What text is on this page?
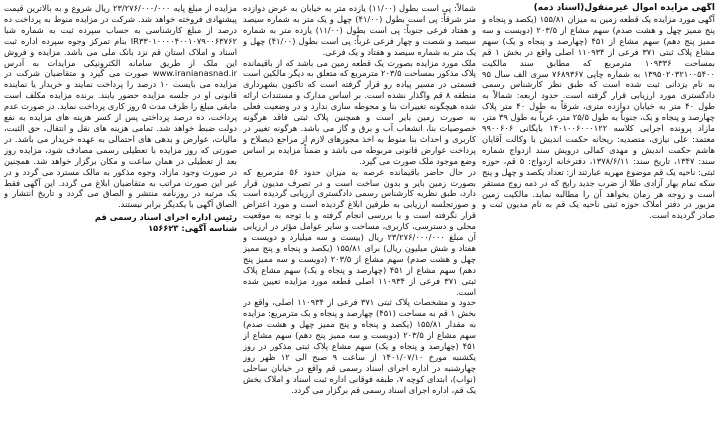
آگهی مزایده اموال غیرمنقول(اسناد ذمه)

آگهی مورد مزایده یک قطعه زمین به میزان ۱۵۵/۸۱ (یکصد و پنجاه و پنج ممیز چهل و هشت صدم) سهم مشاع از ۲۰۳/۵ (دویست و سه ممیز پنج دهم) سهم مشاع از ۴۵۱ (چهارصد و پنجاه و یک) سهم مشاع پلاک ثبتی ۳۷۱ فرعی از ۱۱۰۹۳۴ اصلی واقع در بخش ۱ قم بمساحت ۱۰۹۳۳۶ مترمربع که مطابق سند مالکیت ۱۳۹۵۰۲۰۳۲۱۰۰۵۴۰۰ به شماره چاپی ۷۶۸۹۳۶۷ سری الف سال ۹۵ به نام یزدانی ثبت شده است که طبق نظر کارشناس رسمی دادگستری مورد ارزیابی قرار گرفته است. حدود اربعه: شمالاً به طول ۴۰ متر به خیابان دوازده متری، شرقاً به طول ۴۰ متر پلاک چهارصد و پنجاه و یک، جنوباً به طول ۲۵/۵ متر، غرباً به طول ۳۹ متر، مازاد پرونده اجرایی کلاسه ۱۴۰۱۰۰۶۰۰۰۱۲۲ بایگانی ۹۹۰۰۶۰۶ معتمد: علی نیازی، متصدیه: ریحانه حکمت اندیش با وکالت آقایان هاشم حکمت اندیش و مهدی کمالی درویش سند ازدواج شماره سند: ۱۳۴۷، تاریخ سند: ۱۳۷۸/۶/۱۱، دفترخانه ازدواج: ۵ قم، حوزه ثبتی: ناحیه یک قم موضوع مهریه عبارتند از: تعداد یکصد و چهل و پنج سکه تمام بهار آزادی طلا از ضرب جدید رایج که در ذمه زوج مستقر است و زوجه هر زمان بخواهد آن را مطالبه نماید. مالکیت زمین مزبور در دفتر املاک حوزه ثبتی ناحیه یک قم به نام مدیون ثبت و صادر گردیده است.

شمالاً: پی است بطول (۱۱/۰۰) یازده متر به خیابان به عرض دوازده متر شرقاً: پی است بطول (۴۱/۰۰) چهل و یک متر به شماره سیصد و هفتاد فرعی جنوباً: پی است بطول (۱۱/۰۰) یازده متر به شماره سیصد و شصت و چهار فرعی غرباً: پی است بطول (۴۱/۰۰) چهل و یک متر به شماره سیصد و هفتاد و یک فرعی.

ملک مورد مزایده بصورت یک قطعه زمین می باشد که از باقیمانده پلاک مذکور بمساحت ۲۰۳/۵ مترمربع که متعلق به دیگر مالکین است قسمتی در مسیر پیاده رو قرار گرفته است که تاکنون بشهرداری منطقه ۸ قم واگذار نشده است. بر اساس مدارک و مستندات ارائه شده هیچگونه تغییرات بنا و محوطه سازی ندارد و در وضعیت فعلی به صورت زمین بایر است و همچنین پلاک ثبتی فاقد هرگونه خصوصیات بنا، انشعاب آب و برق و گاز می باشد. هرگونه تغییر در کاربری و احداث بنا منوط به اخذ مجوزهای لازم از مراجع ذیصلاح و پرداخت عوارض قانونی مربوطه می باشد و ضمناً مزایده بر اساس وضع موجود ملک صورت می گیرد.

در حال حاضر باقیمانده عرصه به میزان حدود ۵۶ مترمربع که بصورت زمین بایر و بدون ساخت است و در تصرف مدیون قرار دارد، طبق نظریه کارشناس رسمی دادگستری ارزیابی گردیده است و صورتجلسه ارزیابی به طرفین ابلاغ گردیده است و مورد اعتراض قرار نگرفته است و با بررسی انجام گرفته و با توجه به موقعیت محلی و دسترسی، کاربری، مساحت و سایر عوامل مؤثر در ارزیابی آن مبلغ ۲۳/۲۷۶/۰۰۰/۰۰۰ ریال (بیست و سه میلیارد و دویست و هفتاد و شش میلیون ریال) برای ۱۵۵/۸۱ (یکصد و پنجاه و پنج ممیز چهل و هشت صدم) سهم مشاع از ۲۰۳/۵ (دویست و سه ممیز پنج دهم) سهم مشاع از ۴۵۱ (چهارصد و پنجاه و یک) سهم مشاع پلاک ثبتی ۳۷۱ فرعی از ۱۱۰۹۳۴ اصلی قطعه مورد مزایده تعیین شده است.

حدود و مشخصات پلاک ثبتی ۳۷۱ فرعی از ۱۱۰۹۳۴ اصلی، واقع در بخش ۱ قم به مساحت (۴۵۱) چهارصد و پنجاه و یک مترمربع: مزایده به مقدار ۱۵۵/۸۱ (یکصد و پنجاه و پنج ممیز چهل و هشت صدم) سهم مشاع از ۲۰۳/۵ (دویست و سه ممیز پنج دهم) سهم مشاع از ۴۵۱ (چهارصد و پنجاه و یک) سهم مشاع پلاک ثبتی مذکور در روز یکشنبه مورخ ۱۴۰۱/۰۷/۱۰ از ساعت ۹ صبح الی ۱۲ ظهر روز چهارشنبه در اداره اجرای اسناد رسمی قم واقع در خیابان ساحلی (نواب)، ابتدای کوچه ۷، طبقه فوقانی اداره ثبت اسناد و املاک بخش یک قم، اداره اجرای اسناد رسمی قم برگزار می گردد.

مزایده از مبلغ پایه ۲۳/۲۷۶/۰۰۰/۰۰۰ ریال شروع و به بالاترین قیمت پیشنهادی فروخته خواهد شد. شرکت در مزایده منوط به پرداخت ده درصد از مبلغ کارشناسی به حساب سپرده ثبت به شماره شبا IR۳۳۰۱۰۰۰۰۴۰۰۱۰۷۹۰۰۶۳۷۶۲ بنام تمرکز وجوه سپرده اداره ثبت اسناد و املاک استان قم نزد بانک ملی می باشد. مزایده و فروش این ملک از طریق سامانه الکترونیکی مزایدات به آدرس www.iranianasnad.ir صورت می گیرد و متقاضیان شرکت در مزایده می بایست ۱۰ درصد را پرداخت نمایند و خریدار یا نماینده قانونی او در جلسه مزایده حضور یابند. برنده مزایده مکلف است مابقی مبلغ را ظرف مدت ۵ روز کاری پرداخت نماید. در صورت عدم پرداخت، ده درصد پرداختی پس از کسر هزینه های مزایده به نفع دولت ضبط خواهد شد. تمامی هزینه های نقل و انتقال، حق الثبت، مالیات، عوارض و بدهی های احتمالی به عهده خریدار می باشد. در صورتی که روز مزایده با تعطیلی رسمی مصادف شود، مزایده روز بعد از تعطیلی در همان ساعت و مکان برگزار خواهد شد. همچنین در صورت وجود مازاد، وجوه مذکور به مالک مسترد می گردد و در غیر این صورت مراتب به متقاضیان ابلاغ می گردد. این آگهی فقط یک مرتبه در روزنامه منتشر و الصاق می گردد و تاریخ انتشار و الصاق آگهی با یکدیگر برابر نیستند.

رئیس اداره اجرای اسناد رسمی قم
شناسه آگهی: ۱۵۶۶۲۳
